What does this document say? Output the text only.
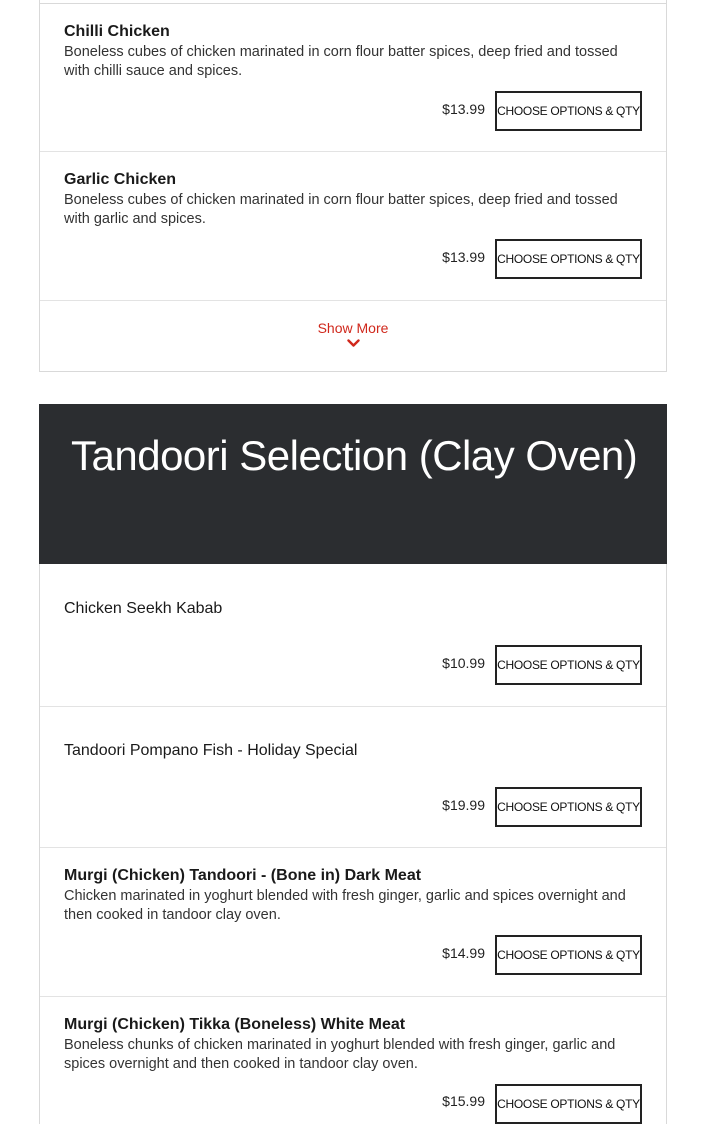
Chilli Chicken

Boneless cubes of chicken marinated in corn flour batter spices, deep fried and tossed with chilli sauce and spices.

$13.99 CHOOSE OPTIONS & QTY
Garlic Chicken

Boneless cubes of chicken marinated in corn flour batter spices, deep fried and tossed with garlic and spices.

$13.99 CHOOSE OPTIONS & QTY
Show More
Tandoori Selection (Clay Oven)
Chicken Seekh Kabab
$10.99 CHOOSE OPTIONS & QTY
Tandoori Pompano Fish - Holiday Special
$19.99 CHOOSE OPTIONS & QTY
Murgi (Chicken) Tandoori - (Bone in) Dark Meat

Chicken marinated in yoghurt blended with fresh ginger, garlic and spices overnight and then cooked in tandoor clay oven.

$14.99 CHOOSE OPTIONS & QTY
Murgi (Chicken) Tikka (Boneless) White Meat

Boneless chunks of chicken marinated in yoghurt blended with fresh ginger, garlic and spices overnight and then cooked in tandoor clay oven.

$15.99 CHOOSE OPTIONS & QTY
